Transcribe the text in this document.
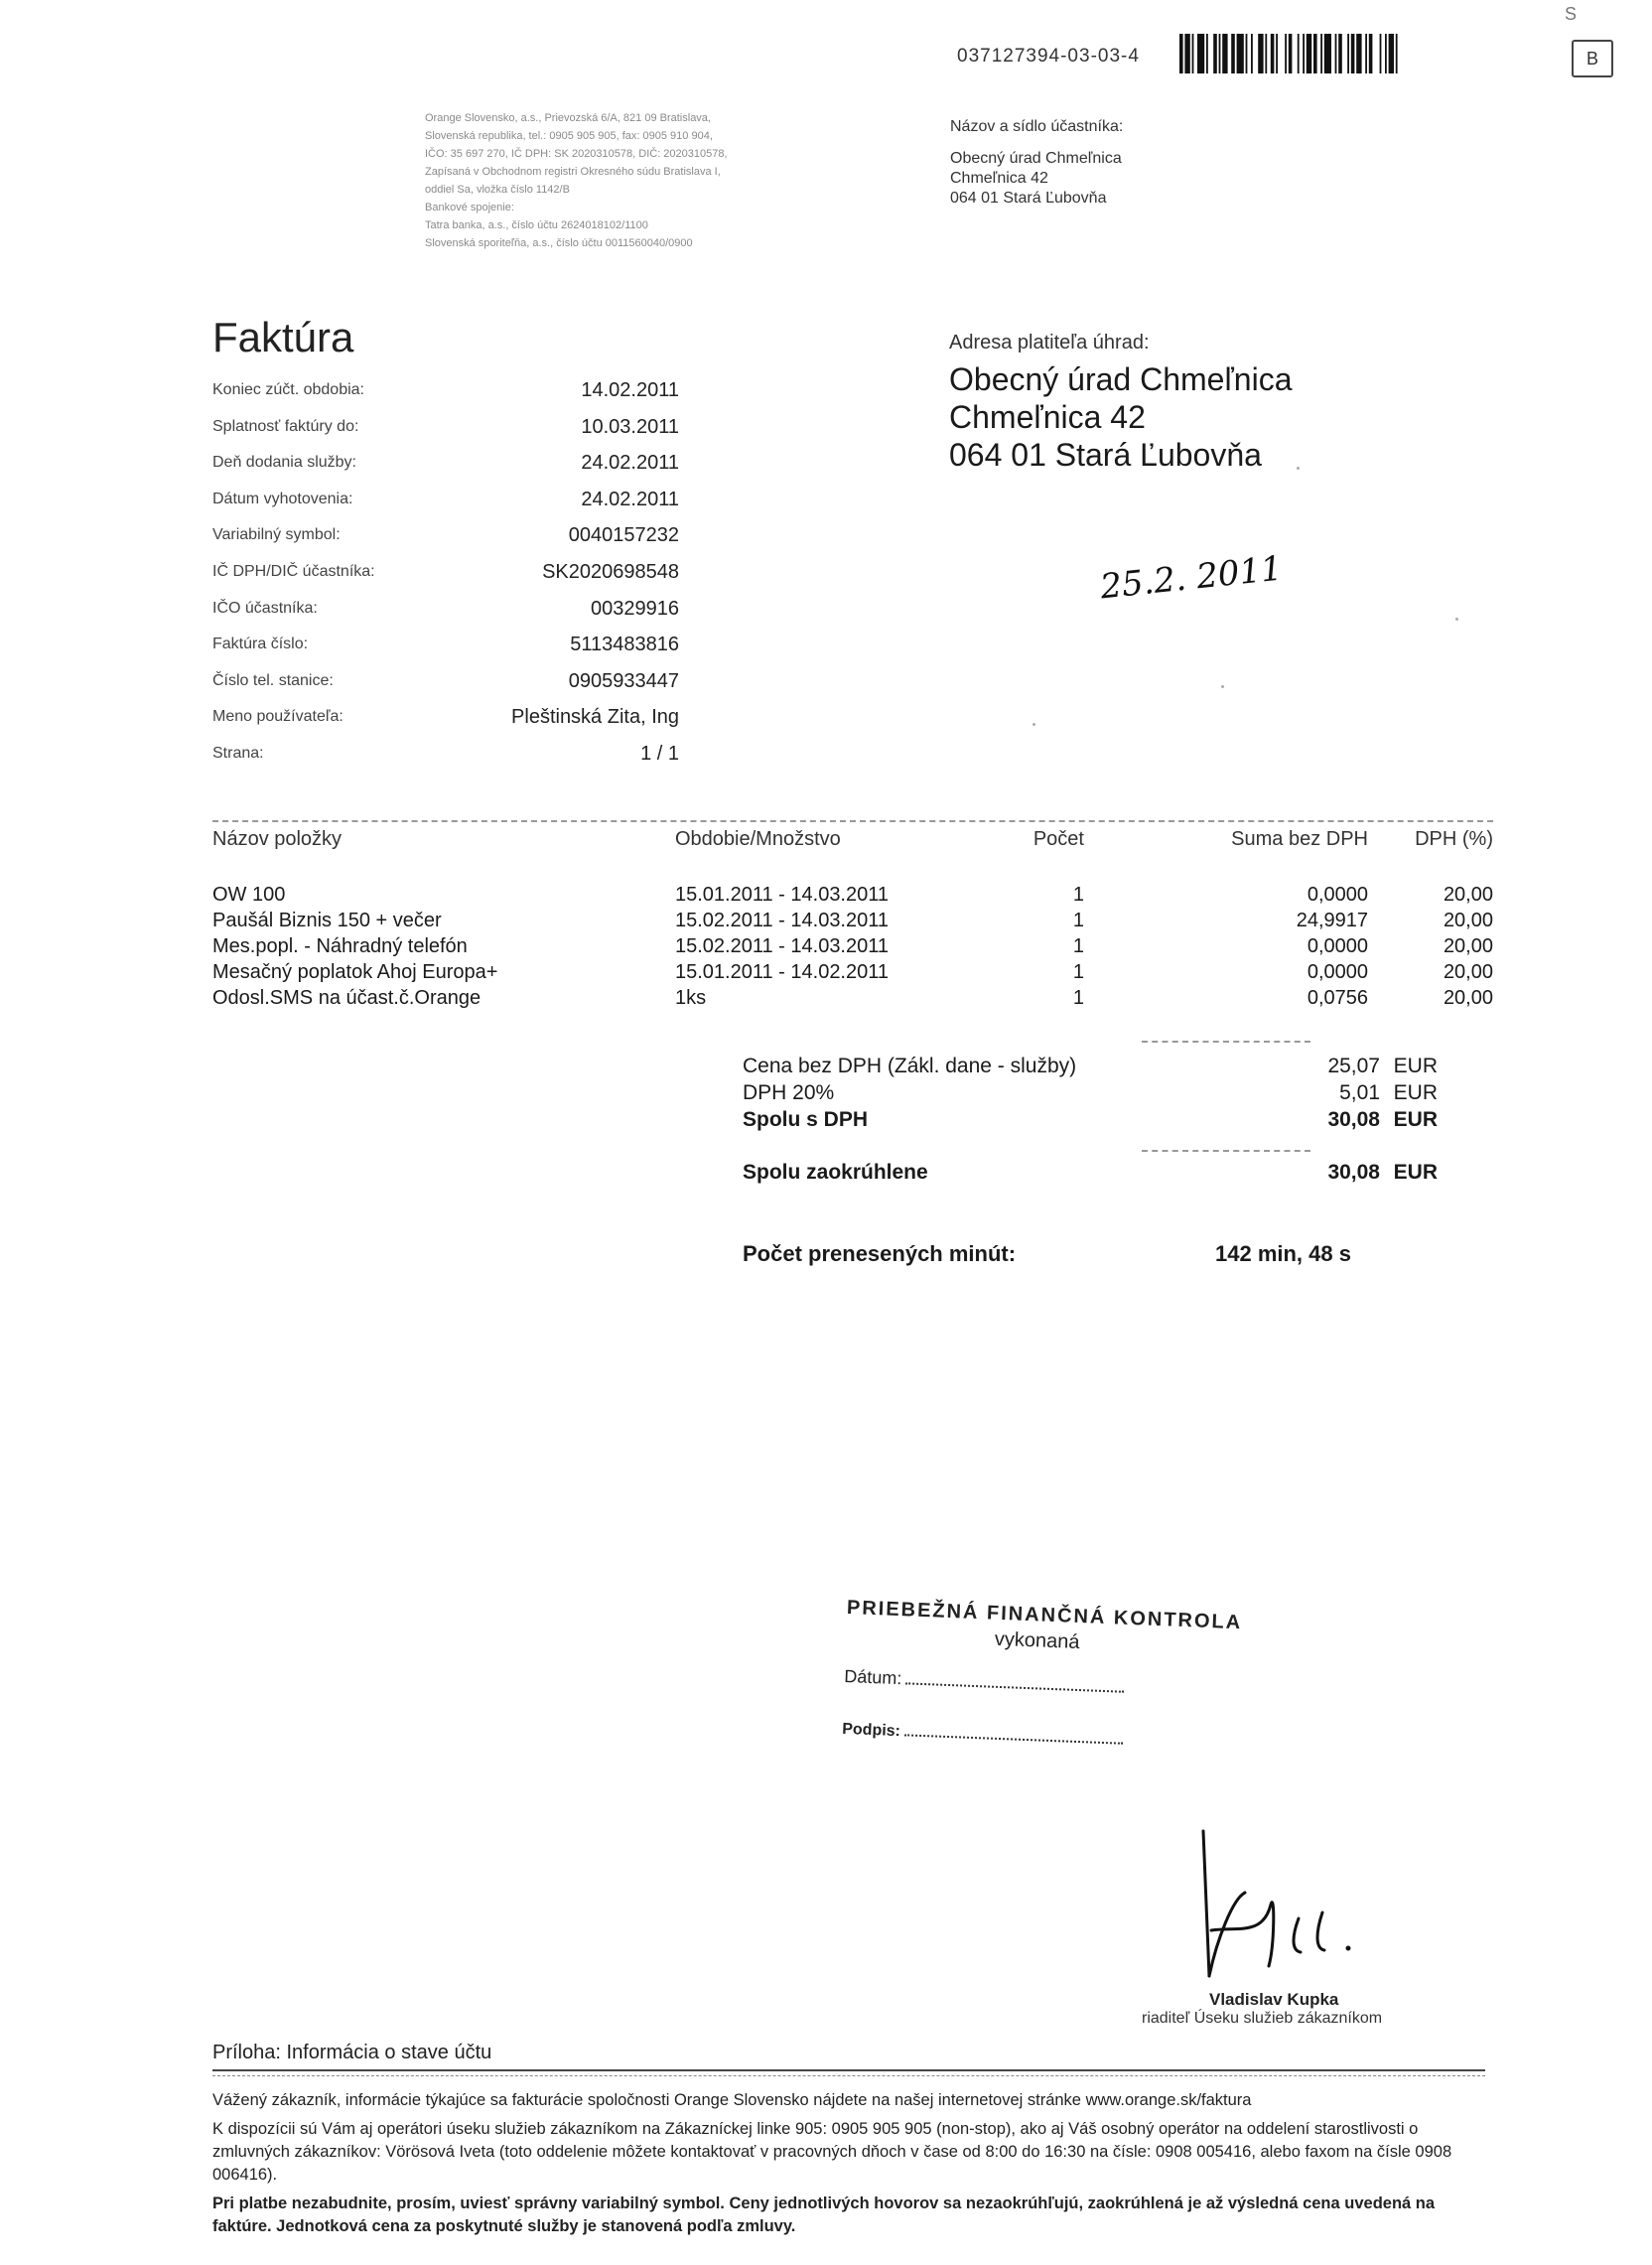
S
037127394-03-03-4	B
Orange Slovensko, a.s., Prievozská 6/A, 821 09 Bratislava,
Slovenská republika, tel.: 0905 905 905, fax: 0905 910 904,
IČO: 35 697 270, IČ DPH: SK 2020310578, DIČ: 2020310578,
Zapísaná v Obchodnom registri Okresného súdu Bratislava I,
oddiel Sa, vložka číslo 1142/B
Bankové spojenie:
Tatra banka, a.s., číslo účtu 2624018102/1100
Slovenská sporiteľňa, a.s., číslo účtu 0011560040/0900
Názov a sídlo účastníka:
Obecný úrad Chmeľnica
Chmeľnica 42
064 01 Stará Ľubovňa
Faktúra
Koniec zúčt. obdobia:	14.02.2011
Splatnosť faktúry do:	10.03.2011
Deň dodania služby:	24.02.2011
Dátum vyhotovenia:	24.02.2011
Variabilný symbol:	0040157232
IČ DPH/DIČ účastníka:	SK2020698548
IČO účastníka:	00329916
Faktúra číslo:	5113483816
Číslo tel. stanice:	0905933447
Meno používateľa:	Pleštinská Zita, Ing
Strana:	1 / 1
Adresa platiteľa úhrad:
Obecný úrad Chmeľnica
Chmeľnica 42
064 01 Stará Ľubovňa
25.2. 2011
Názov položky	Obdobie/Množstvo	Počet	Suma bez DPH DPH (%)
OW 100	15.01.2011 - 14.03.2011	1	0,0000	20,00
Paušál Biznis 150 + večer	15.02.2011 - 14.03.2011	1	24,9917	20,00
Mes.popl. - Náhradný telefón	15.02.2011 - 14.03.2011	1	0,0000	20,00
Mesačný poplatok Ahoj Europa+	15.01.2011 - 14.02.2011	1	0,0000	20,00
Odosl.SMS na účast.č.Orange	1ks	1	0,0756	20,00
Cena bez DPH (Zákl. dane - služby)	25,07 EUR
DPH 20%	5,01 EUR
Spolu s DPH	30,08 EUR
Spolu zaokrúhlene	30,08 EUR
Počet prenesených minút:	142 min, 48 s
PRIEBEŽNÁ FINANČNÁ KONTROLA
vykonaná
Dátum:
Podpis:
Vladislav Kupka
riaditeľ Úseku služieb zákazníkom
Príloha: Informácia o stave účtu

Vážený zákazník, informácie týkajúce sa fakturácie spoločnosti Orange Slovensko nájdete na našej internetovej stránke www.orange.sk/faktura

K dispozícii sú Vám aj operátori úseku služieb zákazníkom na Zákazníckej linke 905: 0905 905 905 (non-stop), ako aj Váš osobný operátor na oddelení starostlivosti o zmluvných zákazníkov: Vörösová Iveta (toto oddelenie môžete kontaktovať v pracovných dňoch v čase od 8:00 do 16:30 na čísle: 0908 005416, alebo faxom na čísle 0908 006416).

Pri platbe nezabudnite, prosím, uviesť správny variabilný symbol. Ceny jednotlivých hovorov sa nezaokrúhľujú, zaokrúhlená je až výsledná cena uvedená na faktúre. Jednotková cena za poskytnuté služby je stanovená podľa zmluvy.
